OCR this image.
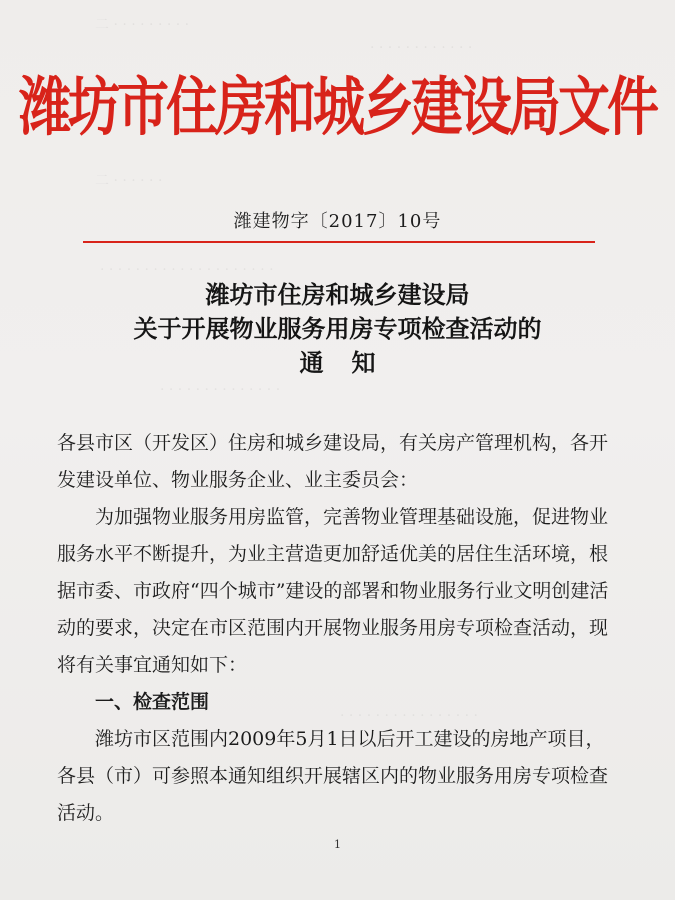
二 · · · · · · · · ·
· · · · · · · · · · · ·
二 · · · · · ·
· · · · · · · · · · · · · · · · · · · ·
· · · · · · · · · · · · · ·
· · · · · · · · · · · · · · · ·
潍坊市住房和城乡建设局文件
潍建物字〔2017〕10号
潍坊市住房和城乡建设局
关于开展物业服务用房专项检查活动的
通知

各县市区（开发区）住房和城乡建设局，有关房产管理机构，各开发建设单位、物业服务企业、业主委员会：

为加强物业服务用房监管，完善物业管理基础设施，促进物业服务水平不断提升，为业主营造更加舒适优美的居住生活环境，根据市委、市政府“四个城市”建设的部署和物业服务行业文明创建活动的要求，决定在市区范围内开展物业服务用房专项检查活动，现将有关事宜通知如下：

一、检查范围

潍坊市区范围内2009年5月1日以后开工建设的房地产项目，各县（市）可参照本通知组织开展辖区内的物业服务用房专项检查活动。

1
